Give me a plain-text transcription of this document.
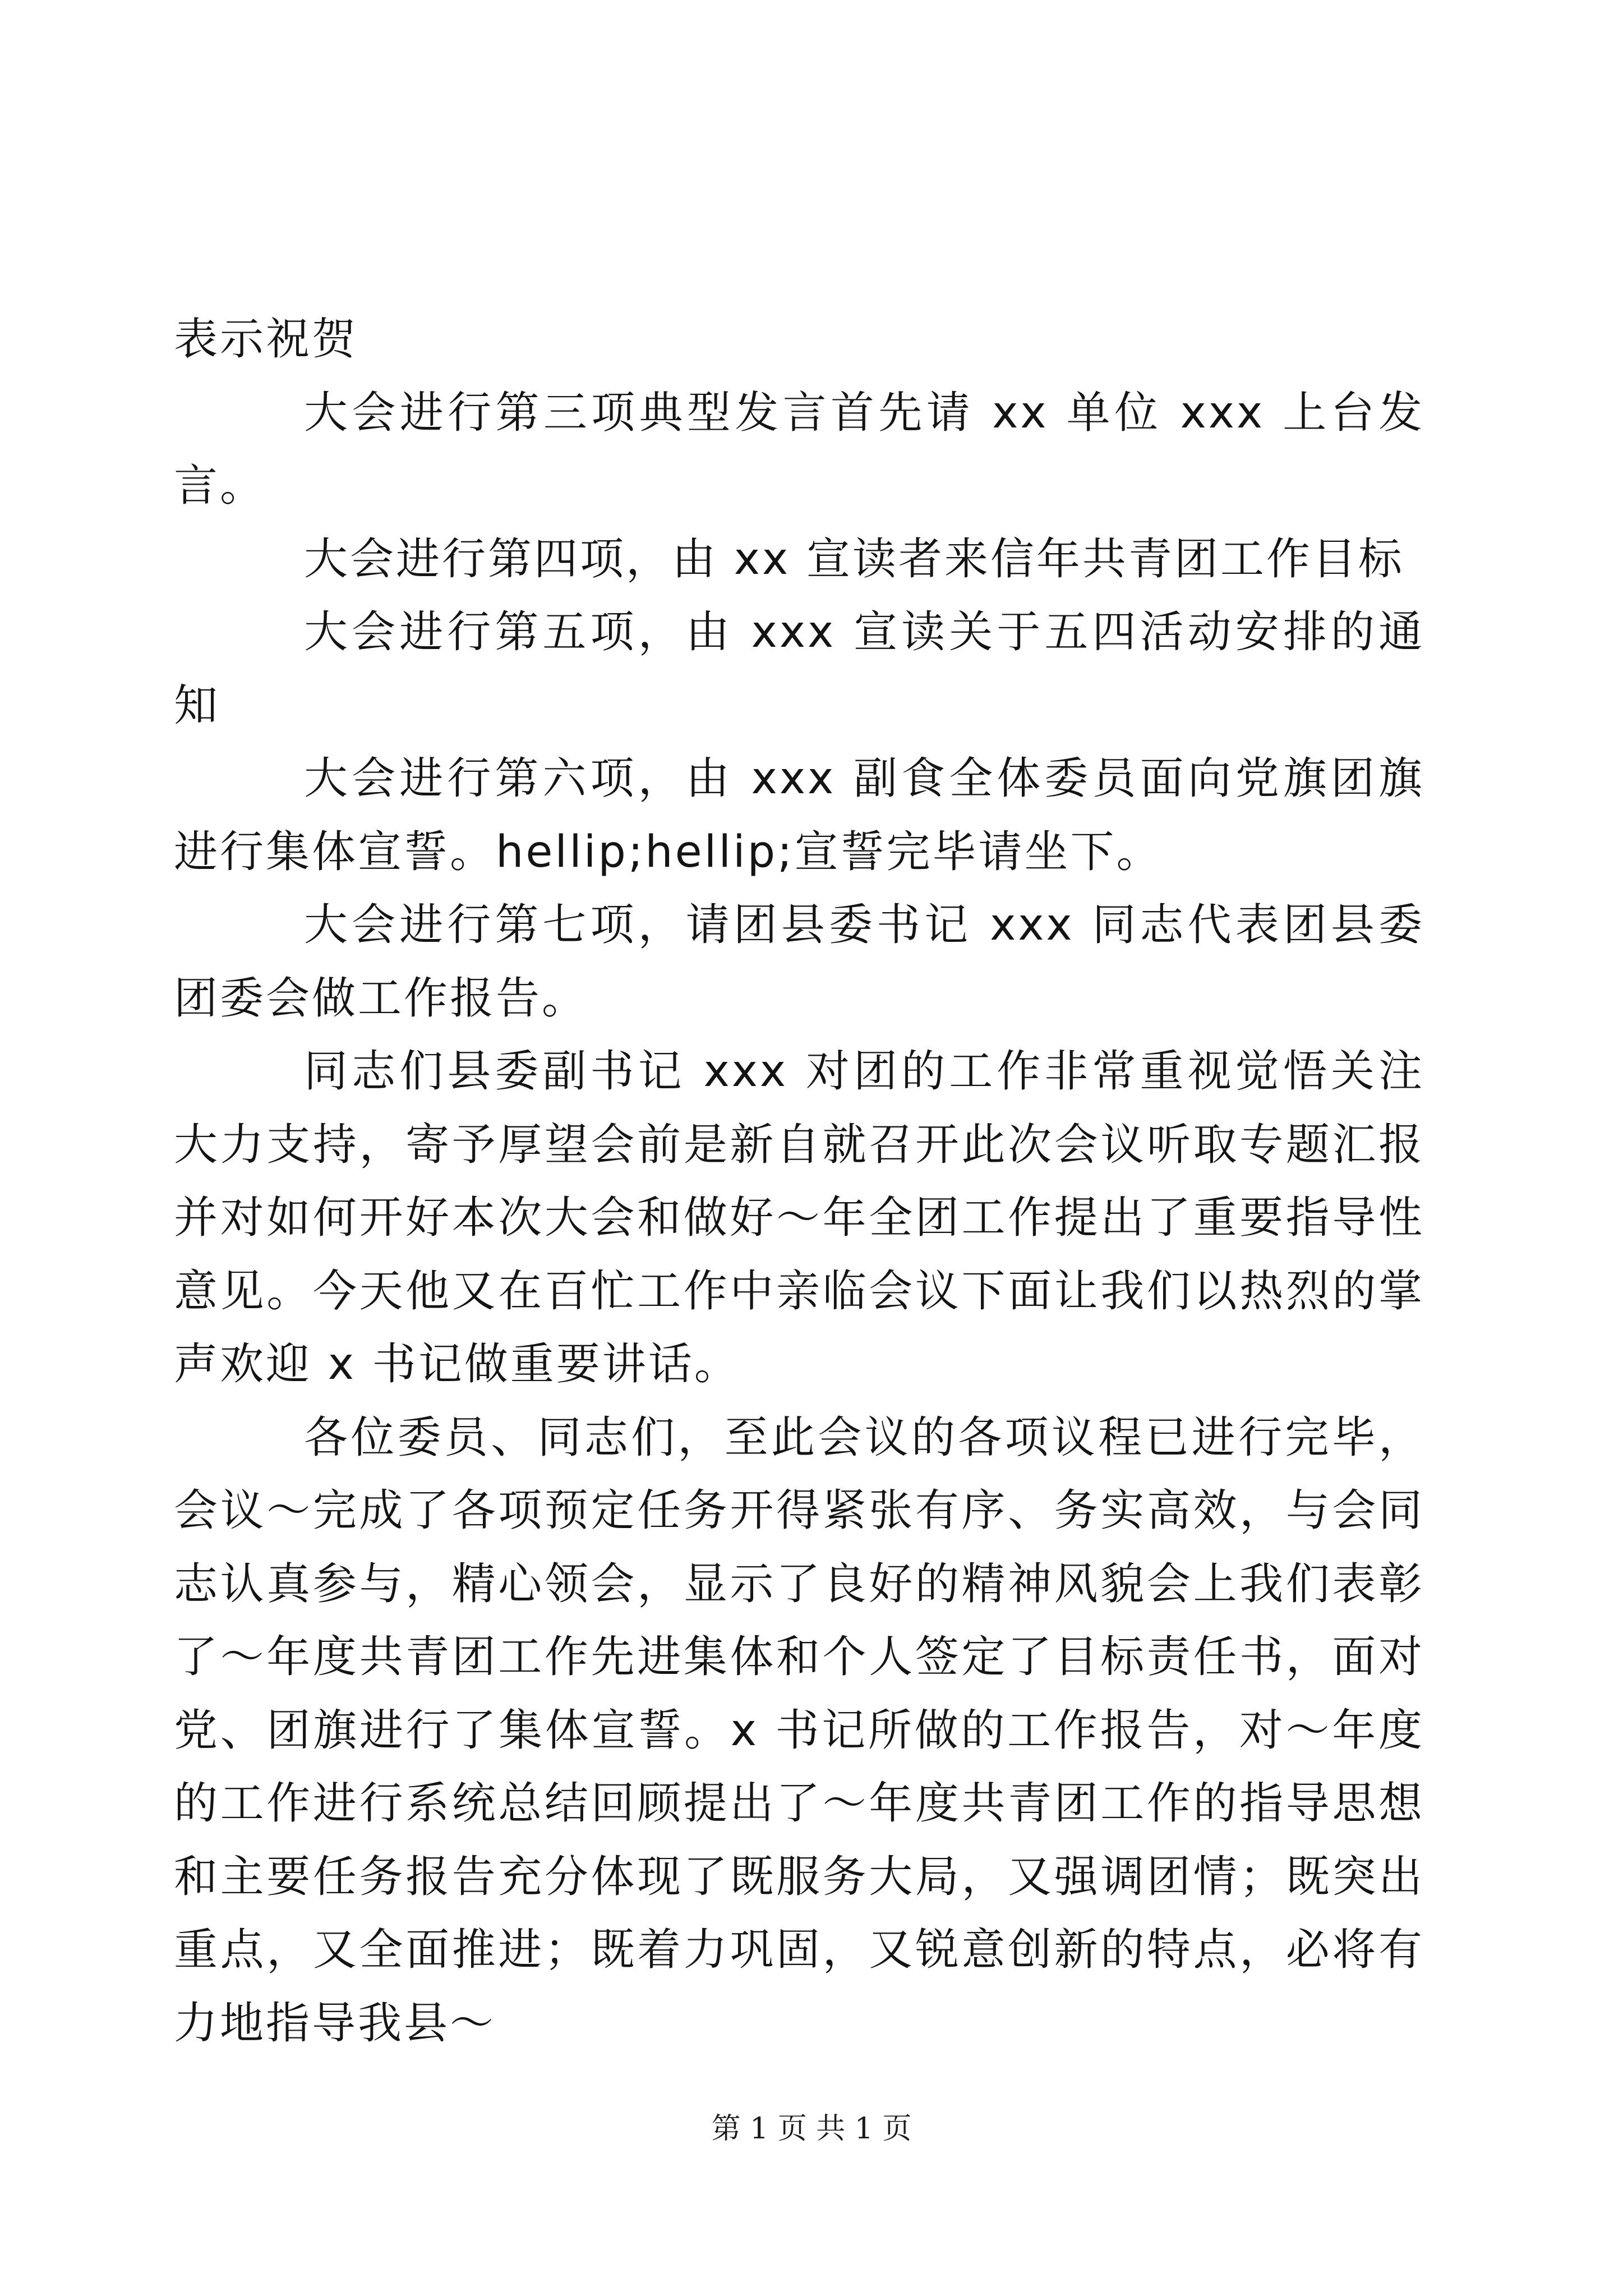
表示祝贺

大会进行第三项典型发言首先请 xx 单位 xxx 上台发言。

大会进行第四项，由 xx 宣读者来信年共青团工作目标

大会进行第五项，由 xxx 宣读关于五四活动安排的通知

大会进行第六项，由 xxx 副食全体委员面向党旗团旗进行集体宣誓。hellip;hellip;宣誓完毕请坐下。

大会进行第七项，请团县委书记 xxx 同志代表团县委团委会做工作报告。

同志们县委副书记 xxx 对团的工作非常重视觉悟关注大力支持，寄予厚望会前是新自就召开此次会议听取专题汇报并对如何开好本次大会和做好～年全团工作提出了重要指导性意见。今天他又在百忙工作中亲临会议下面让我们以热烈的掌声欢迎 x 书记做重要讲话。

各位委员、同志们，至此会议的各项议程已进行完毕，会议～完成了各项预定任务开得紧张有序、务实高效，与会同志认真参与，精心领会，显示了良好的精神风貌会上我们表彰了～年度共青团工作先进集体和个人签定了目标责任书，面对党、团旗进行了集体宣誓。x 书记所做的工作报告，对～年度的工作进行系统总结回顾提出了～年度共青团工作的指导思想和主要任务报告充分体现了既服务大局，又强调团情；既突出重点，又全面推进；既着力巩固，又锐意创新的特点，必将有力地指导我县～

第 1 页 共 1 页
